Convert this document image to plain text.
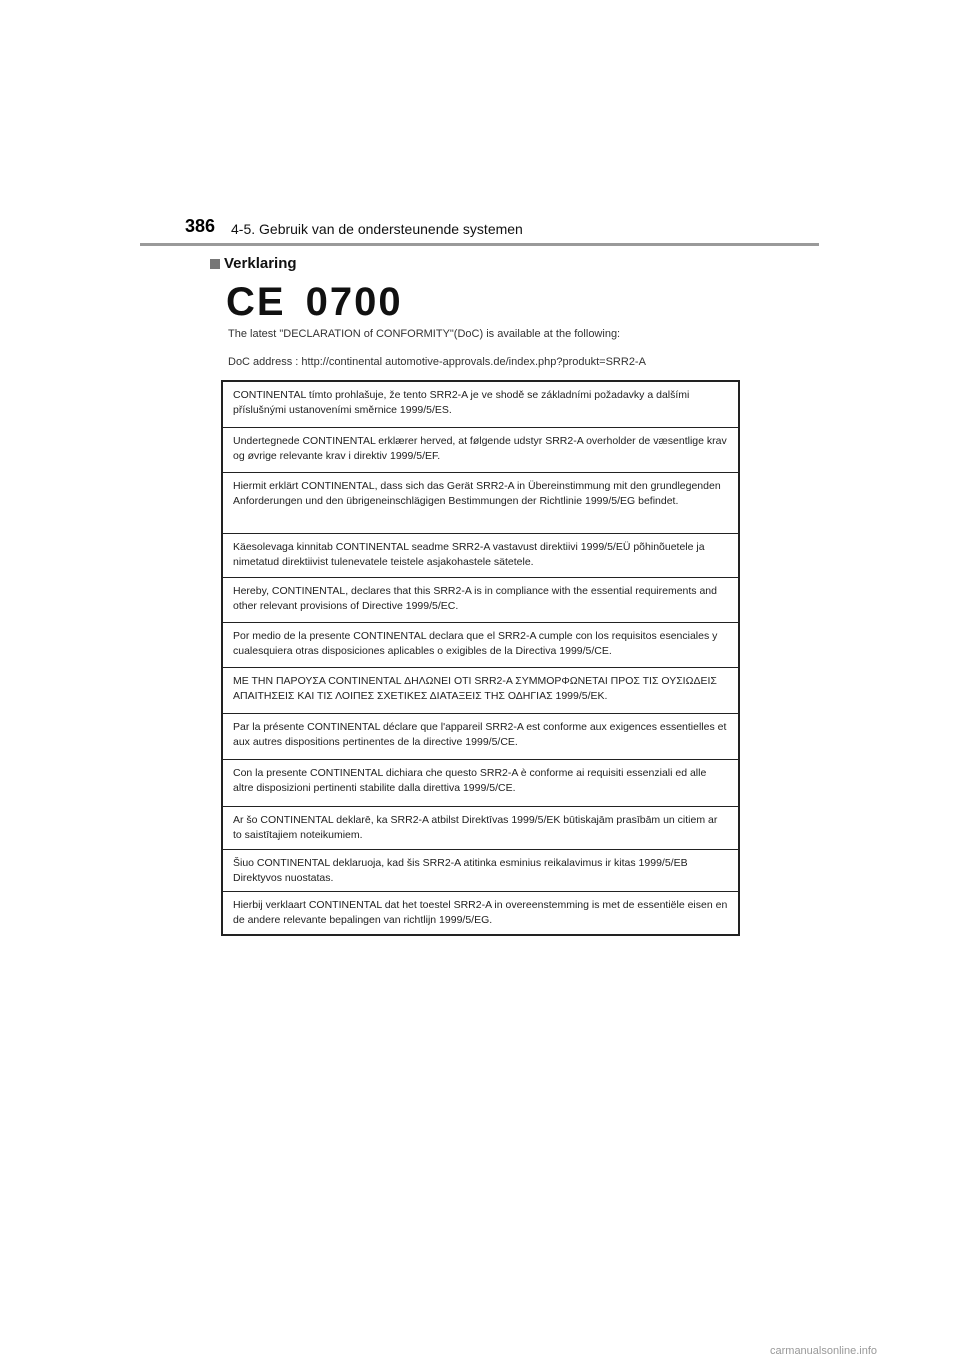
386 4-5. Gebruik van de ondersteunende systemen
Verklaring
CE 0700
The latest "DECLARATION of CONFORMITY"(DoC) is available at the following:
DoC address : http://continental automotive-approvals.de/index.php?produkt=SRR2-A
CONTINENTAL tímto prohlašuje, že tento SRR2-A je ve shodě se základními požadavky a dalšími příslušnými ustanoveními směrnice 1999/5/ES.
Undertegnede CONTINENTAL erklærer herved, at følgende udstyr SRR2-A overholder de væsentlige krav og øvrige relevante krav i direktiv 1999/5/EF.
Hiermit erklärt CONTINENTAL, dass sich das Gerät SRR2-A in Übereinstimmung mit den grundlegenden Anforderungen und den übrigeneinschlägigen Bestimmungen der Richtlinie 1999/5/EG befindet.
Käesolevaga kinnitab CONTINENTAL seadme SRR2-A vastavust direktiivi 1999/5/EÜ põhinõuetele ja nimetatud direktiivist tulenevatele teistele asjakohastele sätetele.
Hereby, CONTINENTAL, declares that this SRR2-A is in compliance with the essential requirements and other relevant provisions of Directive 1999/5/EC.
Por medio de la presente CONTINENTAL declara que el SRR2-A cumple con los requisitos esenciales y cualesquiera otras disposiciones aplicables o exigibles de la Directiva 1999/5/CE.
ΜΕ ΤΗΝ ΠΑΡΟΥΣΑ CONTINENTAL ΔΗΛΩΝΕΙ ΟΤΙ SRR2-A ΣΥΜΜΟΡΦΩΝΕΤΑΙ ΠΡΟΣ ΤΙΣ ΟΥΣΙΩΔΕΙΣ ΑΠΑΙΤΗΣΕΙΣ ΚΑΙ ΤΙΣ ΛΟΙΠΕΣ ΣΧΕΤΙΚΕΣ ΔΙΑΤΑΞΕΙΣ ΤΗΣ ΟΔΗΓΙΑΣ 1999/5/ΕΚ.
Par la présente CONTINENTAL déclare que l'appareil SRR2-A est conforme aux exigences essentielles et aux autres dispositions pertinentes de la directive 1999/5/CE.
Con la presente CONTINENTAL dichiara che questo SRR2-A è conforme ai requisiti essenziali ed alle altre disposizioni pertinenti stabilite dalla direttiva 1999/5/CE.
Ar šo CONTINENTAL deklarē, ka SRR2-A atbilst Direktīvas 1999/5/EK būtiskajām prasībām un citiem ar to saistītajiem noteikumiem.
Šiuo CONTINENTAL deklaruoja, kad šis SRR2-A atitinka esminius reikalavimus ir kitas 1999/5/EB Direktyvos nuostatas.
Hierbij verklaart CONTINENTAL dat het toestel SRR2-A in overeenstemming is met de essentiële eisen en de andere relevante bepalingen van richtlijn 1999/5/EG.
carmanualsonline.info
